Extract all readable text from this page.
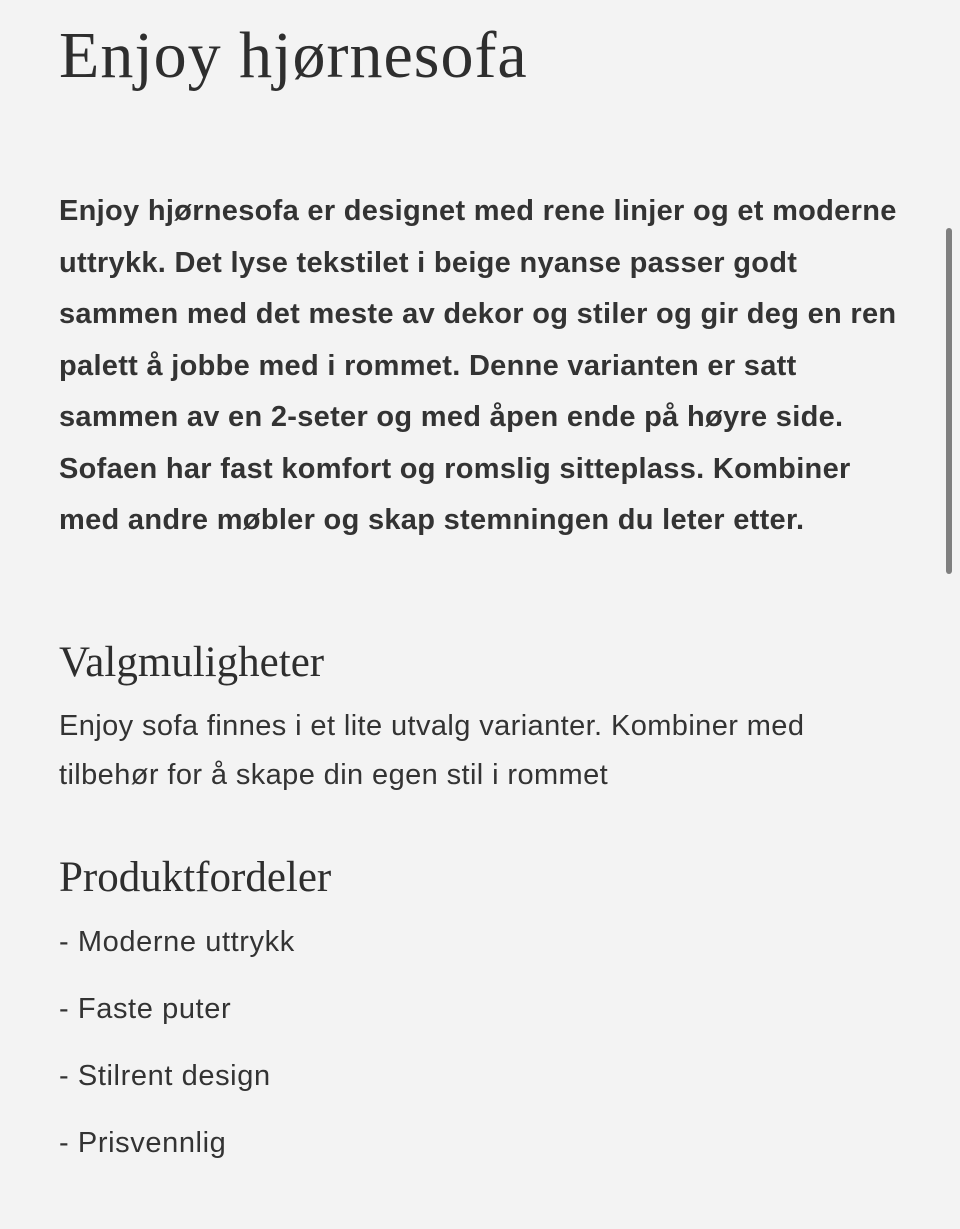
Enjoy hjørnesofa

Enjoy hjørnesofa er designet med rene linjer og et moderne uttrykk. Det lyse tekstilet i beige nyanse passer godt sammen med det meste av dekor og stiler og gir deg en ren palett å jobbe med i rommet. Denne varianten er satt sammen av en 2-seter og med åpen ende på høyre side. Sofaen har fast komfort og romslig sitteplass. Kombiner med andre møbler og skap stemningen du leter etter.

Valgmuligheter

Enjoy sofa finnes i et lite utvalg varianter. Kombiner med tilbehør for å skape din egen stil i rommet

Produktfordeler
- Moderne uttrykk
- Faste puter
- Stilrent design
- Prisvennlig
